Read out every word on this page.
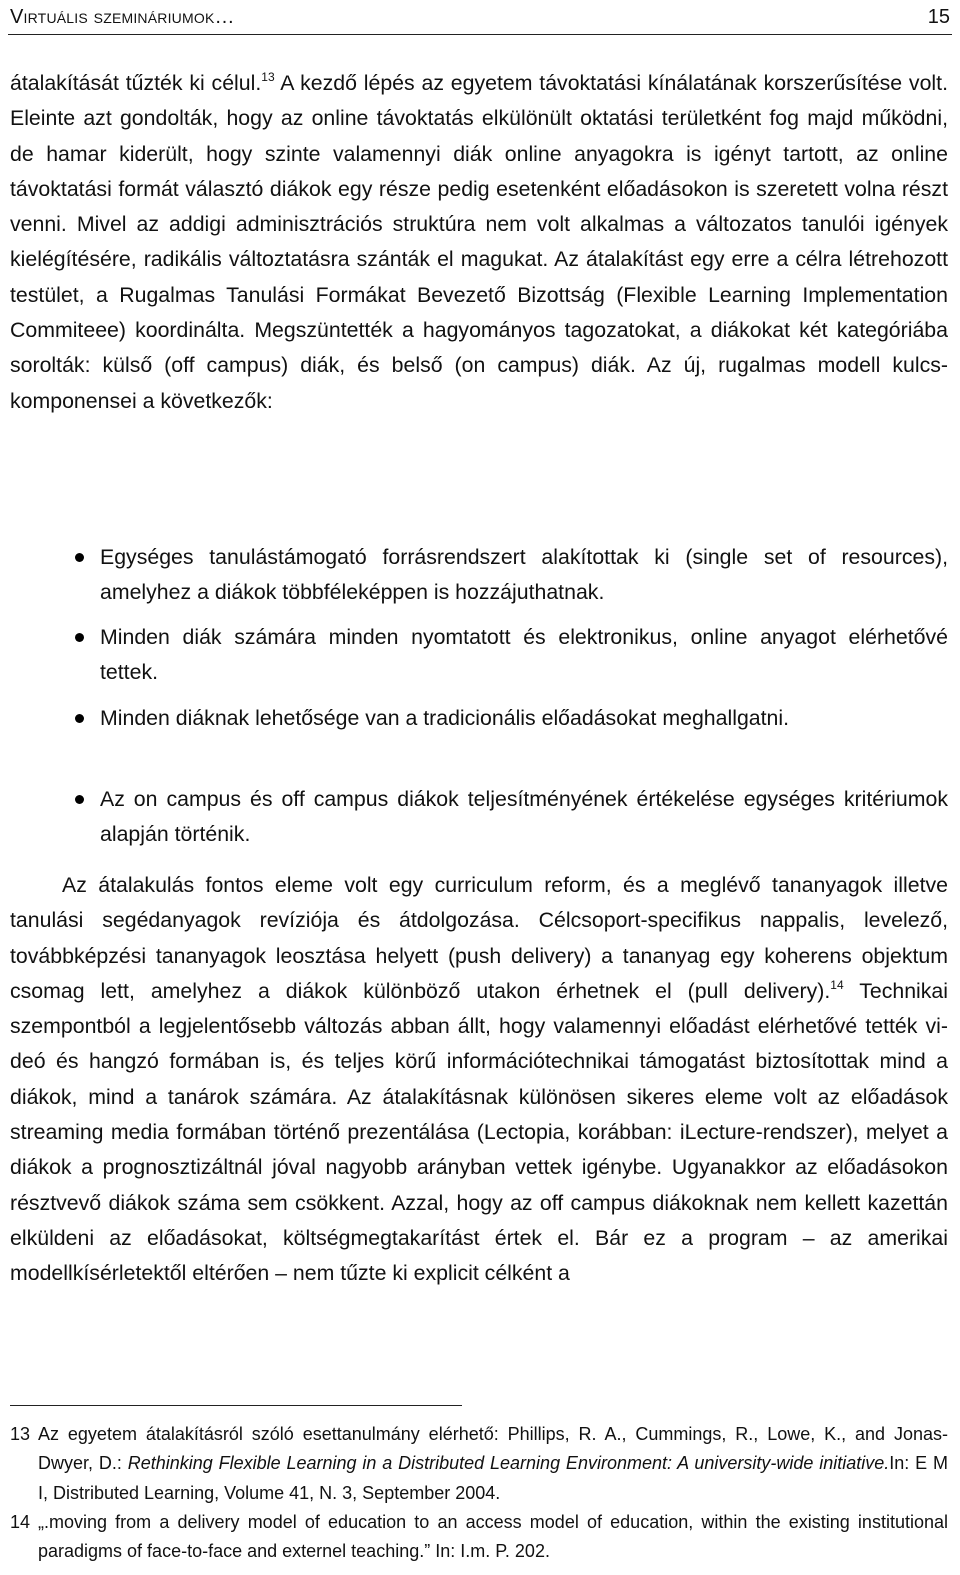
Virtuális szemináriumok…	15

átalakítását tűzték ki célul.$^{13}$ A kezdő lépés az egyetem távoktatási kínálatának korszerűsítése volt. Eleinte azt gondolták, hogy az online távoktatás elkülönült oktatási területként fog majd működni, de hamar kiderült, hogy szinte valamennyi diák online anyagokra is igényt tartott, az online távoktatási formát választó diákok egy része pedig esetenként előadásokon is szeretett volna részt venni. Mivel az addigi adminisztrációs struktúra nem volt alkalmas a változatos tanulói igények kielégítésére, radikális változtatásra szánták el magukat. Az átalakítást egy erre a célra létrehozott testület, a Rugalmas Tanulási Formákat Bevezető Bizottság (Flexible Learning Implementation Commiteee) koordinálta. Megszüntették a hagyományos tagozatokat, a diákokat két kategóriába sorolták: külső (off campus) diák, és belső (on campus) diák. Az új, rugalmas modell kulcs-komponensei a következők:

Egységes tanulástámogató forrásrendszert alakítottak ki (single set of resources), amelyhez a diákok többféleképpen is hozzájuthatnak.
Minden diák számára minden nyomtatott és elektronikus, online anyagot elérhetővé tettek.
Minden diáknak lehetősége van a tradicionális előadásokat meghallgatni.
Az on campus és off campus diákok teljesítményének értékelése egységes kritériumok alapján történik.
Az átalakulás fontos eleme volt egy curriculum reform, és a meglévő tananyagok illetve tanulási segédanyagok revíziója és átdolgozása. Célcsoport-specifikus nappalis, levelező, továbbképzési tananyagok leosztása helyett (push delivery) a tananyag egy koherens objektum csomag lett, amelyhez a diákok különböző utakon érhetnek el (pull delivery).$^{14}$ Technikai szempontból a legjelentősebb változás abban állt, hogy valamennyi előadást elérhetővé tették videó és hangzó formában is, és teljes körű információtechnikai támogatást biztosítottak mind a diákok, mind a tanárok számára. Az átalakításnak különösen sikeres eleme volt az előadások streaming media formában történő prezentálása (Lectopia, korábban: iLecture-rendszer), melyet a diákok a prognosztizáltnál jóval nagyobb arányban vettek igénybe. Ugyanakkor az előadásokon résztvevő diákok száma sem csökkent. Azzal, hogy az off campus diákoknak nem kellett kazettán elküldeni az előadásokat, költségmegtakarítást értek el. Bár ez a program – az amerikai modellkísérletektől eltérően – nem tűzte ki explicit célként a
13 Az egyetem átalakításról szóló esettanulmány elérhető: Phillips, R. A., Cummings, R., Lowe, K., and Jonas-Dwyer, D.: Rethinking Flexible Learning in a Distributed Learning Environment: A university-wide initiative.In: E M I, Distributed Learning, Volume 41, N. 3, September 2004.
14 „.moving from a delivery model of education to an access model of education, within the existing institutional paradigms of face-to-face and externel teaching.” In: I.m. P. 202.
